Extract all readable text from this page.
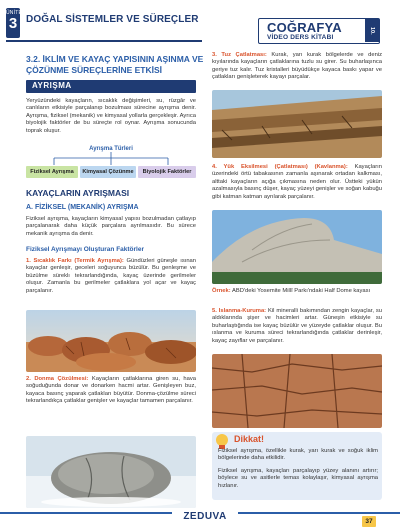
ÜNİTE
3 DOĞAL SİSTEMLER VE SÜREÇLER
COĞRAFYA
VİDEO DERS KİTABI
10. SINIF
3.2. İKLİM VE KAYAÇ YAPISININ AŞINMA VE ÇÖZÜNME SÜREÇLERİNE ETKİSİ
AYRIŞMA
Yeryüzündeki kayaçların, sıcaklık değişimleri, su, rüzgâr ve canlıların etkisiyle parçalanıp bozulması sürecine ayrışma denir. Ayrışma, fiziksel (mekanik) ve kimyasal yollarla gerçekleşir. Ayrıca biyolojik faktörler de bu süreçte rol oynar. Ayrışma sonucunda toprak oluşur.
Ayrışma Türleri
Fiziksel Ayrışma	Kimyasal Çözünme	Biyolojik Faktörler
KAYAÇLARIN AYRIŞMASI
A. FİZİKSEL (MEKANİK) AYRIŞMA
Fiziksel ayrışma, kayaçların kimyasal yapısı bozulmadan çatlayıp parçalanarak daha küçük parçalara ayrılmasıdır. Bu sürece mekanik ayrışma da denir.
Fiziksel Ayrışmayı Oluşturan Faktörler
1. Sıcaklık Farkı (Termik Ayrışma): Gündüzleri güneşle ısınan kayaçlar genleşir, geceleri soğuyunca büzülür. Bu genleşme ve büzülme süreklı tekrarlandığında, kayaç üzerinde gerilmeler oluşur. Zamanla bu gerilmeler çatlaklara yol açar ve kayaç parçalanır.
2. Donma Çözülmesi: Kayaçların çatlaklarına giren su, hava soğuduğunda donar ve donarken hacmi artar. Genişleyen buz, kayaca basınç yaparak çatlakları büyütür. Donma-çözülme süreci tekrarlandıkça çatlaklar genişler ve kayaçlar tamamen parçalanır.
3. Tuz Çatlatması: Kurak, yarı kurak bölgelerde ve deniz kıyılarında kayaçların çatlaklarına tuzlu su girer. Su buharlaşınca geriye tuz kalır. Tuz kristalleri büyüdükçe kayaca baskı yapar ve çatlakları genişleterek kayayı parçalar.
4. Yük Eksilmesi (Çatlatması) (Kavlanma): Kayaçların üzerindeki örtü tabakasının zamanla aşınarak ortadan kalkması, alttaki kayaçların açığa çıkmasına neden olur. Üstteki yükün azalmasıyla basınç düşer, kayaç yüzeyi genişler ve soğan kabuğu gibi katman katman ayrılarak parçalanır.
Örnek: ABD'deki Yosemite Millî Parkı'ndaki Half Dome kayası
5. Islanma-Kuruma: Kil mineralli bakımından zengin kayaçlar, su aldıklarında şişer ve hacimleri artar. Güneşin etkisiyle su buharlaştığında ise kayaç büzülür ve yüzeyde çatlaklar oluşur. Bu ıslanma ve kuruma süreci tekrarlandığında çatlaklar derinleşir, kayaç zayıflar ve parçalanır.
Dikkat!
Fiziksel ayrışma, özellikle kurak, yarı kurak ve soğuk iklim bölgelerinde daha etkilidir.
Fiziksel ayrışma, kayaçları parçalayıp yüzey alanını artırır; böylece su ve asitlerle temas kolaylaşır, kimyasal ayrışma hızlanır.
ZEDUVA	37
